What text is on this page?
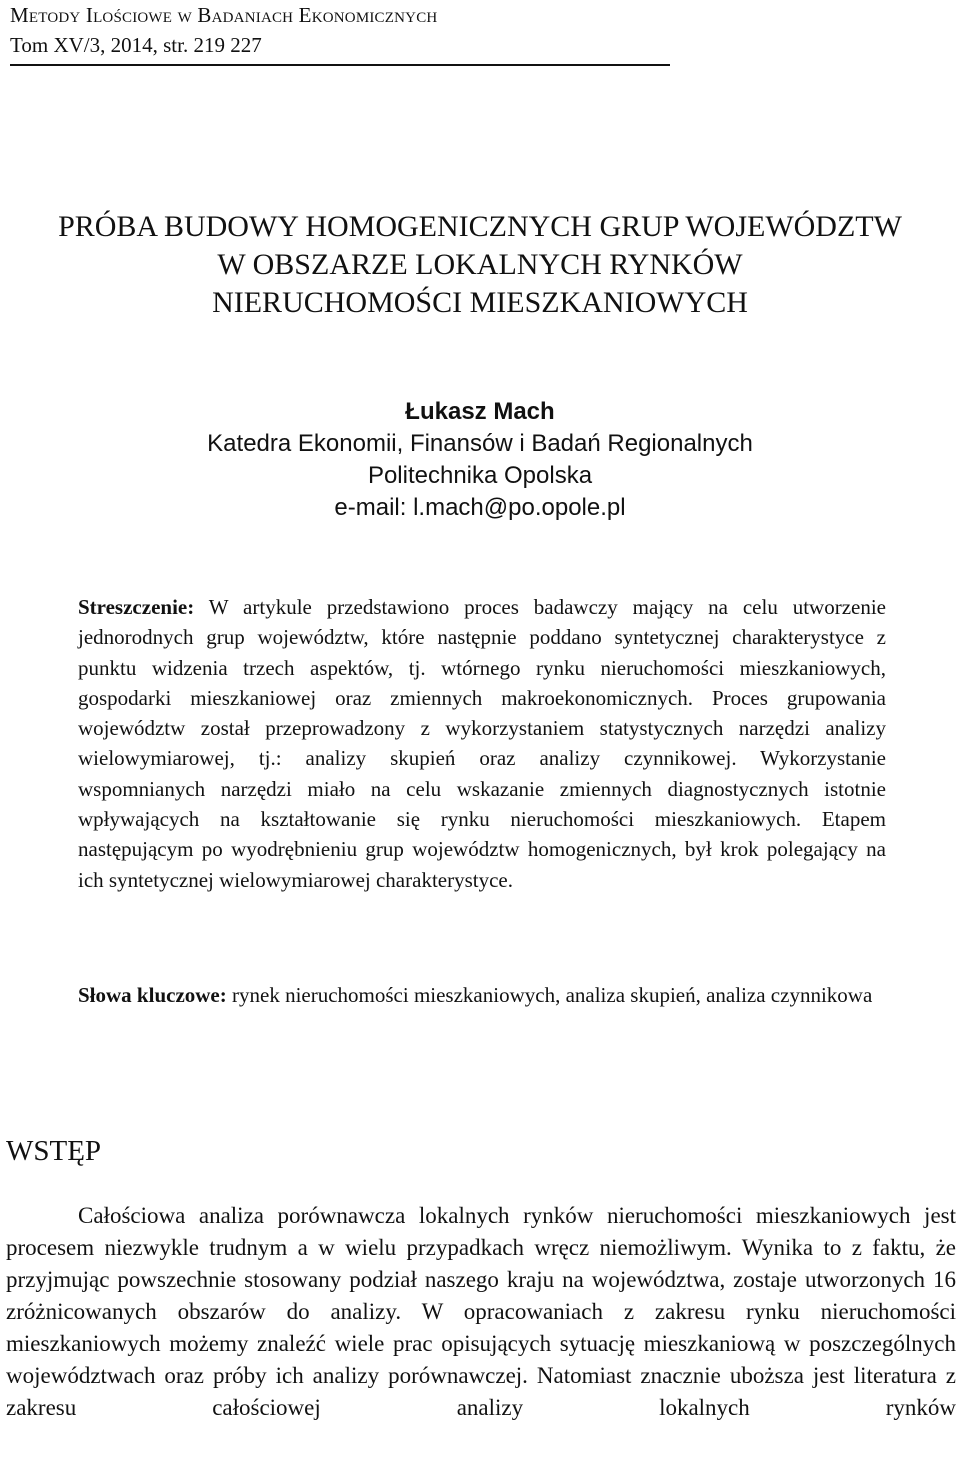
Metody Ilościowe w Badaniach Ekonomicznych
Tom XV/3, 2014, str. 219 227
PRÓBA BUDOWY HOMOGENICZNYCH GRUP WOJEWÓDZTW
W OBSZARZE LOKALNYCH RYNKÓW
NIERUCHOMOŚCI MIESZKANIOWYCH
Łukasz Mach
Katedra Ekonomii, Finansów i Badań Regionalnych
Politechnika Opolska
e-mail: l.mach@po.opole.pl
Streszczenie: W artykule przedstawiono proces badawczy mający na celu utworzenie jednorodnych grup województw, które następnie poddano syntetycznej charakterystyce z punktu widzenia trzech aspektów, tj. wtórnego rynku nieruchomości mieszkaniowych, gospodarki mieszkaniowej oraz zmiennych makroekonomicznych. Proces grupowania województw został przeprowadzony z wykorzystaniem statystycznych narzędzi analizy wielowymiarowej, tj.: analizy skupień oraz analizy czynnikowej. Wykorzystanie wspomnianych narzędzi miało na celu wskazanie zmiennych diagnostycznych istotnie wpływających na kształtowanie się rynku nieruchomości mieszkaniowych. Etapem następującym po wyodrębnieniu grup województw homogenicznych, był krok polegający na ich syntetycznej wielowymiarowej charakterystyce.
Słowa kluczowe: rynek nieruchomości mieszkaniowych, analiza skupień, analiza czynnikowa
WSTĘP
Całościowa analiza porównawcza lokalnych rynków nieruchomości mieszkaniowych jest procesem niezwykle trudnym a w wielu przypadkach wręcz niemożliwym. Wynika to z faktu, że przyjmując powszechnie stosowany podział naszego kraju na województwa, zostaje utworzonych 16 zróżnicowanych obszarów do analizy. W opracowaniach z zakresu rynku nieruchomości mieszkaniowych możemy znaleźć wiele prac opisujących sytuację mieszkaniową w poszczególnych województwach oraz próby ich analizy porównawczej. Natomiast znacznie uboższa jest literatura z zakresu całościowej analizy lokalnych rynków
